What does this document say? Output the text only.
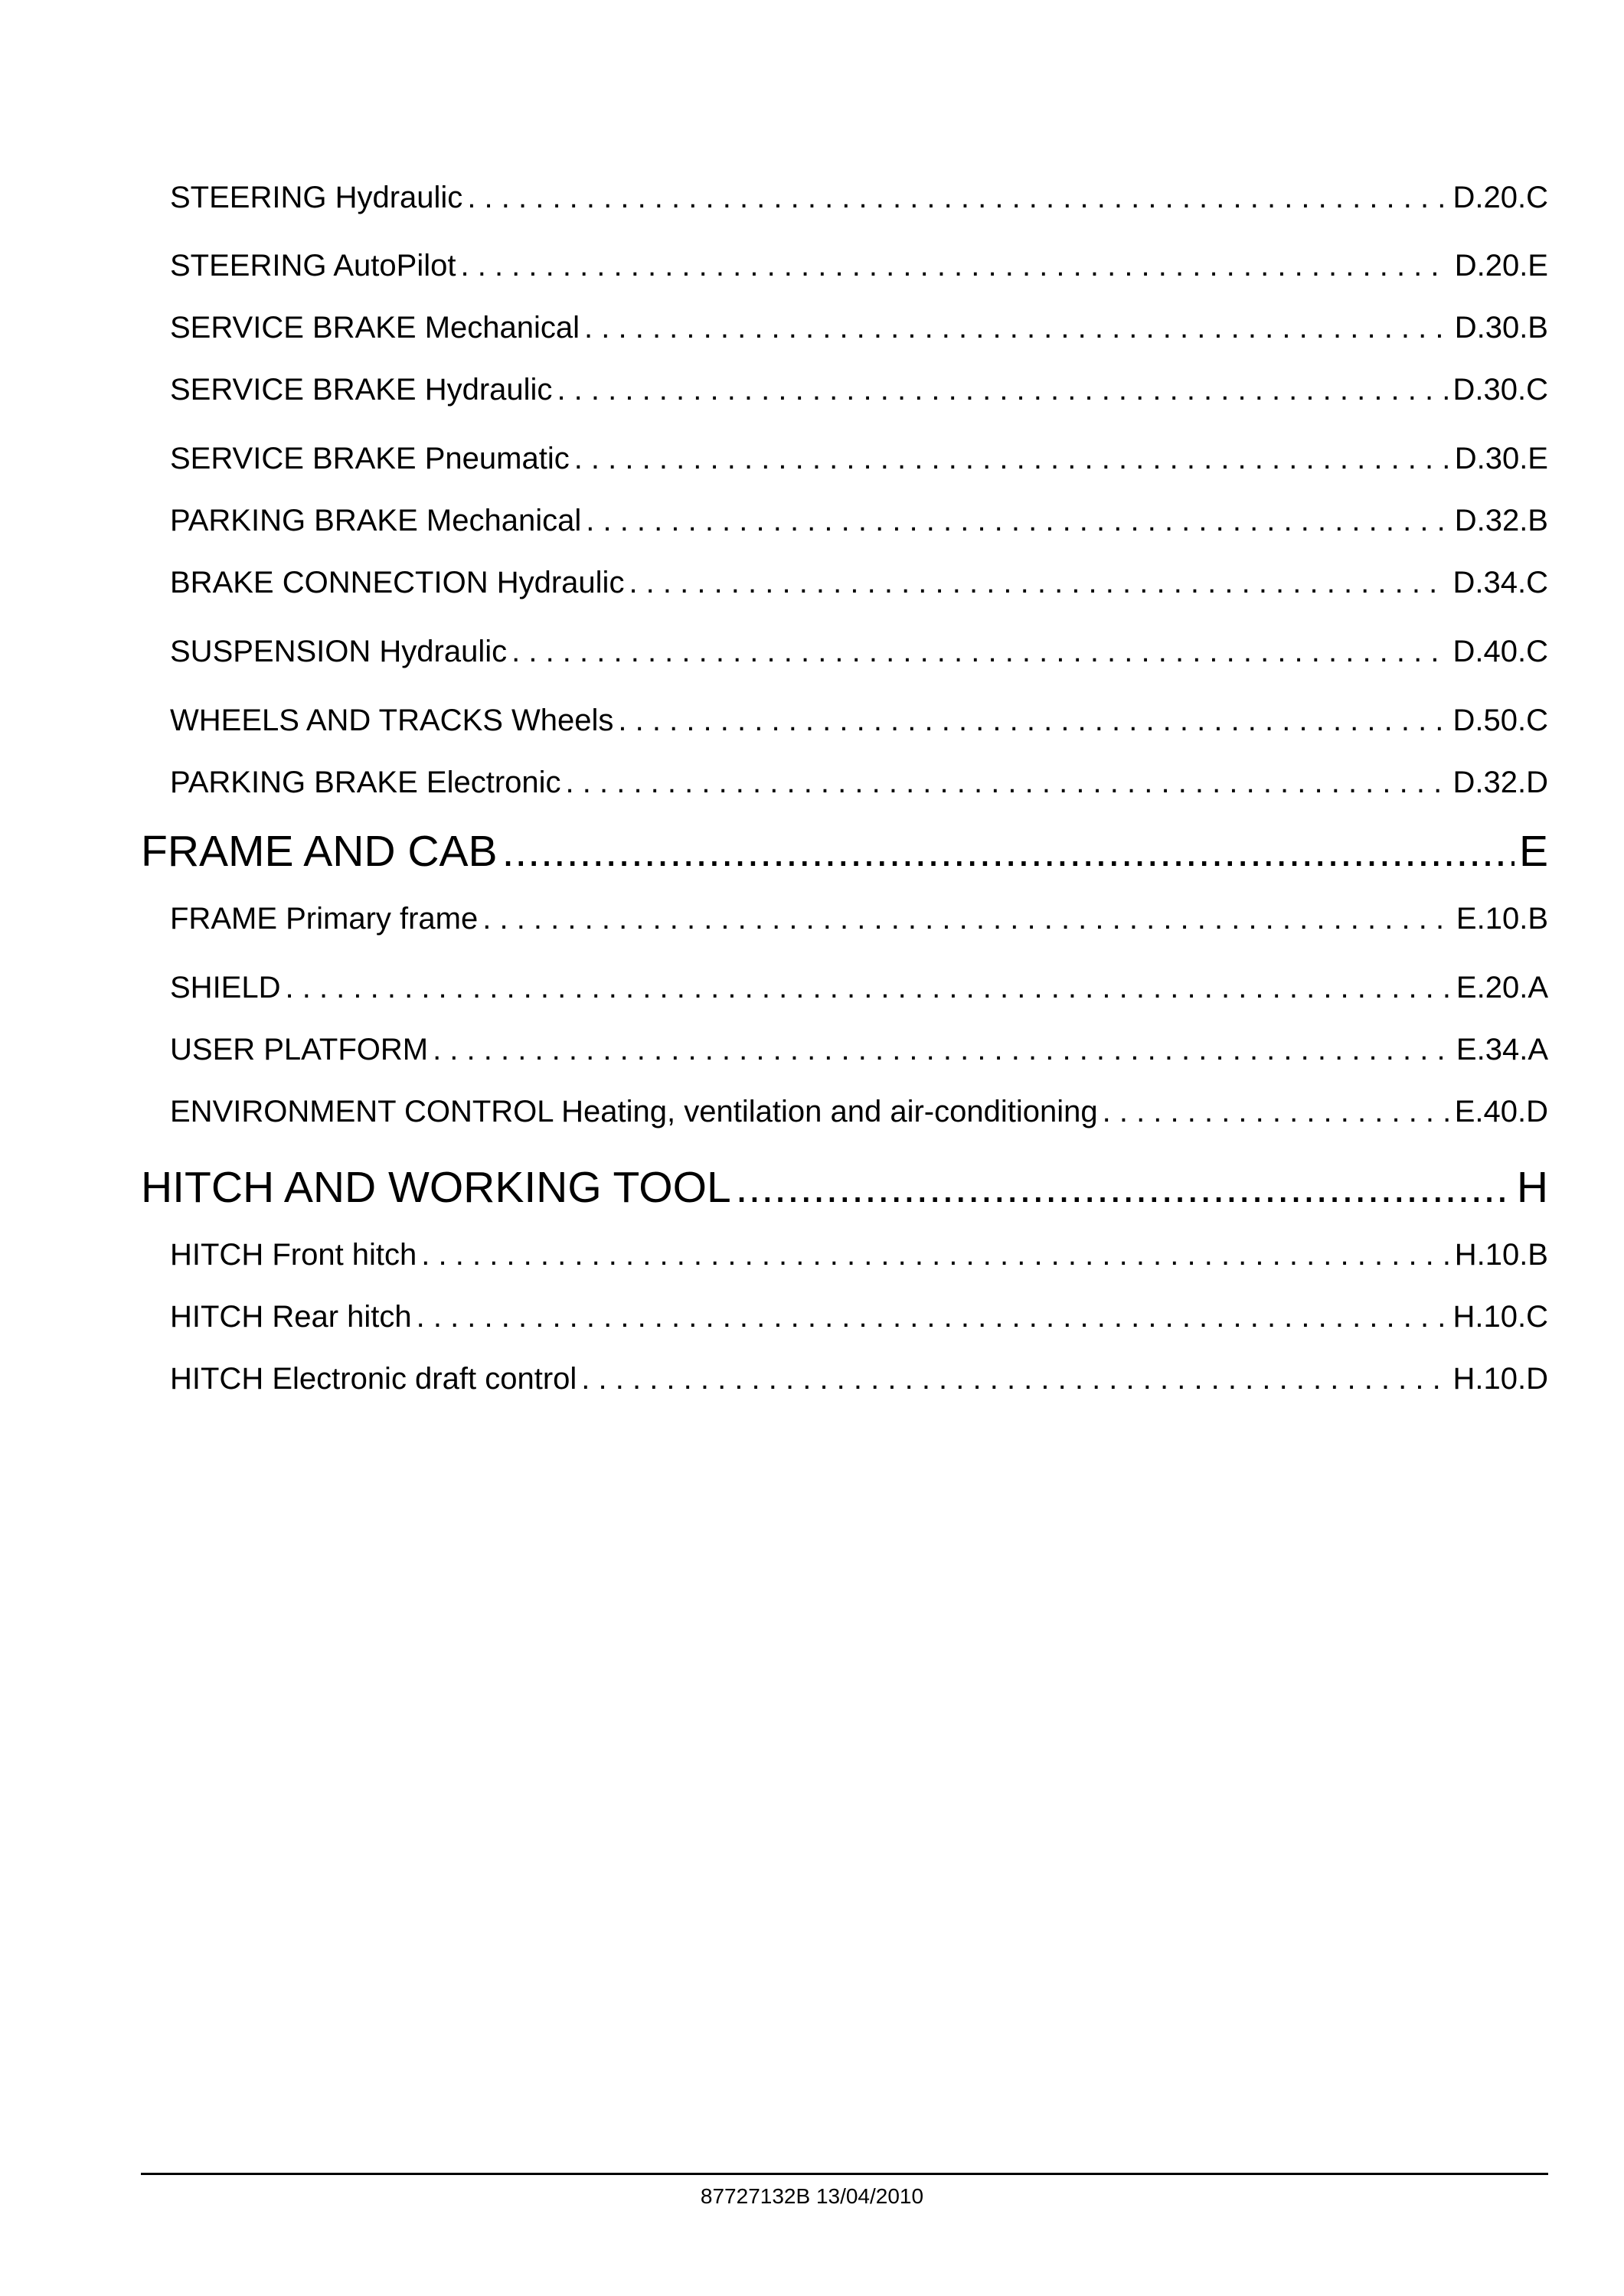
STEERING Hydraulic . . .	D.20.C
STEERING AutoPilot . . .	D.20.E
SERVICE BRAKE Mechanical . . .	D.30.B
SERVICE BRAKE Hydraulic . . .	D.30.C
SERVICE BRAKE Pneumatic . . .	D.30.E
PARKING BRAKE Mechanical . . .	D.32.B
BRAKE CONNECTION Hydraulic . . .	D.34.C
SUSPENSION Hydraulic . . .	D.40.C
WHEELS AND TRACKS Wheels . . .	D.50.C
PARKING BRAKE Electronic . . .	D.32.D
FRAME AND CAB .....	E
FRAME Primary frame . . .	E.10.B
SHIELD . . .	E.20.A
USER PLATFORM . . .	E.34.A
ENVIRONMENT CONTROL Heating, ventilation and air-conditioning . . .	E.40.D
HITCH AND WORKING TOOL .....	H
HITCH Front hitch . . .	H.10.B
HITCH Rear hitch . . .	H.10.C
HITCH Electronic draft control . . .	H.10.D
87727132B 13/04/2010
